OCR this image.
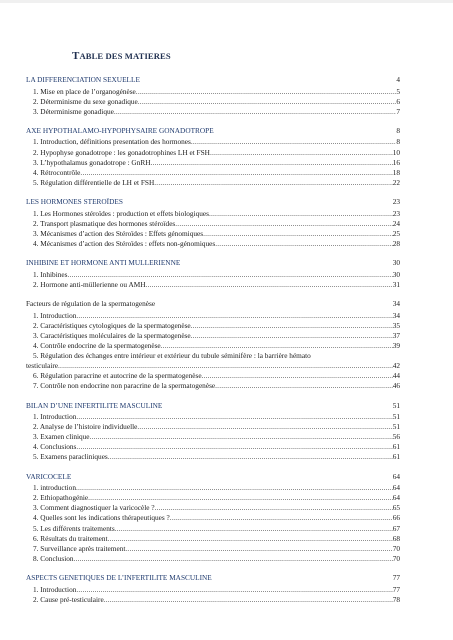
TABLE DES MATIERES
LA DIFFERENCIATION SEXUELLE	4
1. Mise en place de l’organogénèse .....	5
2. Déterminisme du sexe gonadique .....	6
3. Déterminisme gonadique .....	7
AXE HYPOTHALAMO-HYPOPHYSAIRE GONADOTROPE	8
1. Introduction, définitions presentation des hormones .....	8
2. Hypophyse gonadotrope : les gonadotrophines LH et FSH .....	10
3. L’hypothalamus gonadotrope : GnRH .....	16
4. Rétrocontrôle .....	18
5. Régulation différentielle de LH et FSH .....	22
LES HORMONES STEROÏDES	23
1. Les Hormones stéroïdes : production et effets biologiques .....	23
2. Transport plasmatique des hormones stéroïdes .....	24
3. Mécanismes d’action des Stéroïdes : Effets génomiques .....	25
4. Mécanismes d’action des Stéroïdes : effets non-génomiques .....	28
INHIBINE ET HORMONE ANTI MULLERIENNE	30
1. Inhibines .....	30
2. Hormone anti-müllerienne ou AMH .....	31
Facteurs de régulation de la spermatogenèse	34
1. Introduction .....	34
2. Caractéristiques cytologiques de la spermatogenèse .....	35
3. Caractéristiques moléculaires de la spermatogenèse .....	37
4. Contrôle endocrine de la spermatogenèse .....	39
5. Régulation des échanges entre intérieur et extérieur du tubule séminifère : la barrière hémato
testiculaire .....	42
6. Régulation paracrine et autocrine de la spermatogenèse .....	44
7. Contrôle non endocrine non paracrine de la spermatogenèse .....	46
BILAN D’UNE INFERTILITE MASCULINE	51
1. Introduction .....	51
2. Analyse de l’histoire individuelle .....	51
3. Examen clinique .....	56
4. Conclusions .....	61
5. Examens paracliniques .....	61
VARICOCELE	64
1. introduction .....	64
2. Ethiopathogénie .....	64
3. Comment diagnostiquer la varicocèle ? .....	65
4. Quelles sont les indications thérapeutiques ? .....	66
5. Les différents traitements .....	67
6. Résultats du traitement .....	68
7. Surveillance après traitement .....	70
8. Conclusion .....	70
ASPECTS GENETIQUES DE L’INFERTILITE MASCULINE	77
1. Introduction .....	77
2. Cause pré-testiculaire .....	78
